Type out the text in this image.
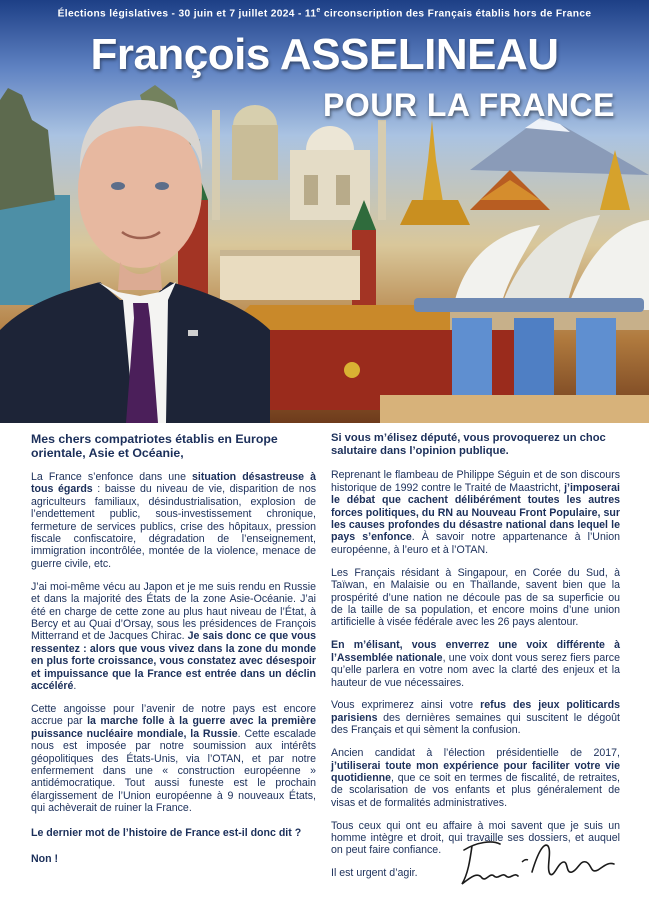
Élections législatives - 30 juin et 7 juillet 2024 - 11e circonscription des Français établis hors de France
François ASSELINEAU
POUR LA FRANCE

Mes chers compatriotes établis en Europe orientale, Asie et Océanie,

La France s’enfonce dans une situation désastreuse à tous égards : baisse du niveau de vie, disparition de nos agriculteurs familiaux, désindustrialisation, explosion de l’endettement public, sous-investissement chronique, fermeture de services publics, crise des hôpitaux, pression fiscale confiscatoire, dégradation de l’enseignement, immigration incontrôlée, montée de la violence, menace de guerre civile, etc.

J’ai moi-même vécu au Japon et je me suis rendu en Russie et dans la majorité des États de la zone Asie-Océanie. J’ai été en charge de cette zone au plus haut niveau de l’État, à Bercy et au Quai d’Orsay, sous les présidences de François Mitterrand et de Jacques Chirac. Je sais donc ce que vous ressentez : alors que vous vivez dans la zone du monde en plus forte croissance, vous constatez avec désespoir et impuissance que la France est entrée dans un déclin accéléré.

Cette angoisse pour l’avenir de notre pays est encore accrue par la marche folle à la guerre avec la première puissance nucléaire mondiale, la Russie. Cette escalade nous est imposée par notre soumission aux intérêts géopolitiques des États-Unis, via l’OTAN, et par notre enfermement dans une « construction européenne » antidémocratique. Tout aussi funeste est le prochain élargissement de l’Union européenne à 9 nouveaux États, qui achèverait de ruiner la France.

Le dernier mot de l’histoire de France est-il donc dit ?

Non !

Si vous m’élisez député, vous provoquerez un choc salutaire dans l’opinion publique.

Reprenant le flambeau de Philippe Séguin et de son discours historique de 1992 contre le Traité de Maastricht, j’imposerai le débat que cachent délibérément toutes les autres forces politiques, du RN au Nouveau Front Populaire, sur les causes profondes du désastre national dans lequel le pays s’enfonce. À savoir notre appartenance à l’Union européenne, à l’euro et à l’OTAN.

Les Français résidant à Singapour, en Corée du Sud, à Taïwan, en Malaisie ou en Thaïlande, savent bien que la prospérité d’une nation ne découle pas de sa superficie ou de la taille de sa population, et encore moins d’une union artificielle à visée fédérale avec les 26 pays alentour.

En m’élisant, vous enverrez une voix différente à l’Assemblée nationale, une voix dont vous serez fiers parce qu’elle parlera en votre nom avec la clarté des enjeux et la hauteur de vue nécessaires.

Vous exprimerez ainsi votre refus des jeux politicards parisiens des dernières semaines qui suscitent le dégoût des Français et qui sèment la confusion.

Ancien candidat à l’élection présidentielle de 2017, j’utiliserai toute mon expérience pour faciliter votre vie quotidienne, que ce soit en termes de fiscalité, de retraites, de scolarisation de vos enfants et plus généralement de visas et de formalités administratives.

Tous ceux qui ont eu affaire à moi savent que je suis un homme intègre et droit, qui travaille ses dossiers, et auquel on peut faire confiance.

Il est urgent d’agir.
